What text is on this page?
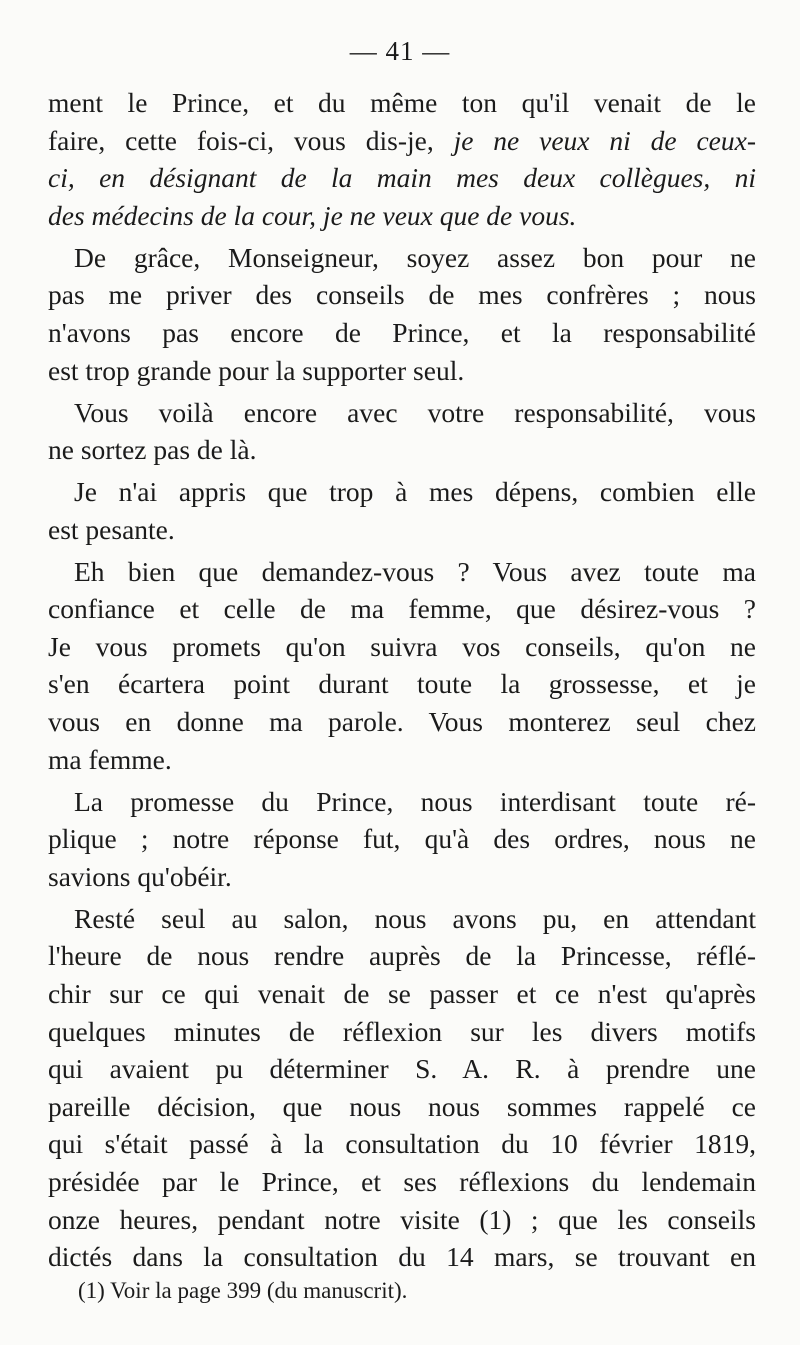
— 41 —
ment le Prince, et du même ton qu'il venait de le
faire, cette fois-ci, vous dis-je, je ne veux ni de ceux-
ci, en désignant de la main mes deux collègues, ni
des médecins de la cour, je ne veux que de vous.
De grâce, Monseigneur, soyez assez bon pour ne
pas me priver des conseils de mes confrères ; nous
n'avons pas encore de Prince, et la responsabilité
est trop grande pour la supporter seul.
Vous voilà encore avec votre responsabilité, vous
ne sortez pas de là.
Je n'ai appris que trop à mes dépens, combien elle
est pesante.
Eh bien que demandez-vous ? Vous avez toute ma
confiance et celle de ma femme, que désirez-vous ?
Je vous promets qu'on suivra vos conseils, qu'on ne
s'en écartera point durant toute la grossesse, et je
vous en donne ma parole. Vous monterez seul chez
ma femme.
La promesse du Prince, nous interdisant toute ré-
plique ; notre réponse fut, qu'à des ordres, nous ne
savions qu'obéir.
Resté seul au salon, nous avons pu, en attendant
l'heure de nous rendre auprès de la Princesse, réflé-
chir sur ce qui venait de se passer et ce n'est qu'après
quelques minutes de réflexion sur les divers motifs
qui avaient pu déterminer S. A. R. à prendre une
pareille décision, que nous nous sommes rappelé ce
qui s'était passé à la consultation du 10 février 1819,
présidée par le Prince, et ses réflexions du lendemain
onze heures, pendant notre visite (1) ; que les conseils
dictés dans la consultation du 14 mars, se trouvant en
(1) Voir la page 399 (du manuscrit).
